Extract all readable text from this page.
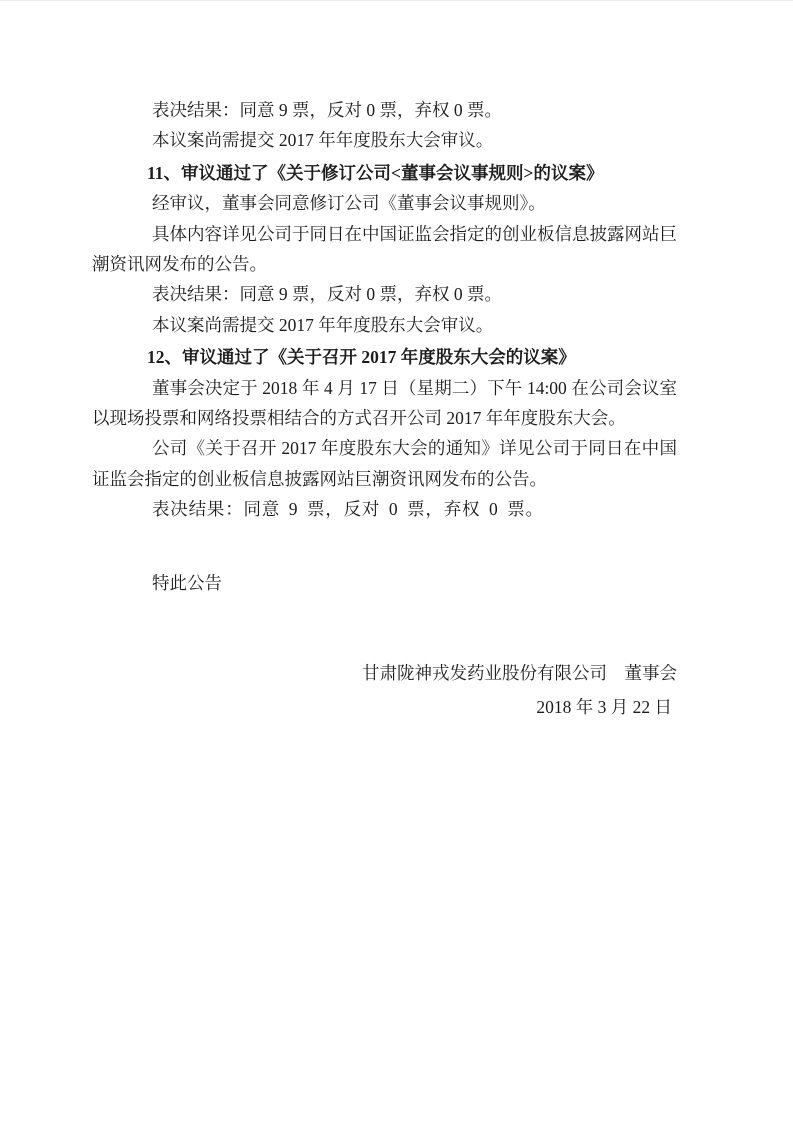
表决结果：同意 9 票，反对 0 票，弃权 0 票。

本议案尚需提交 2017 年年度股东大会审议。

11、审议通过了《关于修订公司<董事会议事规则>的议案》

经审议，董事会同意修订公司《董事会议事规则》。

具体内容详见公司于同日在中国证监会指定的创业板信息披露网站巨潮资讯网发布的公告。

表决结果：同意 9 票，反对 0 票，弃权 0 票。

本议案尚需提交 2017 年年度股东大会审议。

12、审议通过了《关于召开 2017 年度股东大会的议案》

董事会决定于 2018 年 4 月 17 日（星期二）下午 14:00 在公司会议室以现场投票和网络投票相结合的方式召开公司 2017 年年度股东大会。

公司《关于召开 2017 年度股东大会的通知》详见公司于同日在中国证监会指定的创业板信息披露网站巨潮资讯网发布的公告。

表决结果：同意 9 票，反对 0 票，弃权 0 票。

特此公告

甘肃陇神戎发药业股份有限公司　董事会

2018 年 3 月 22 日
